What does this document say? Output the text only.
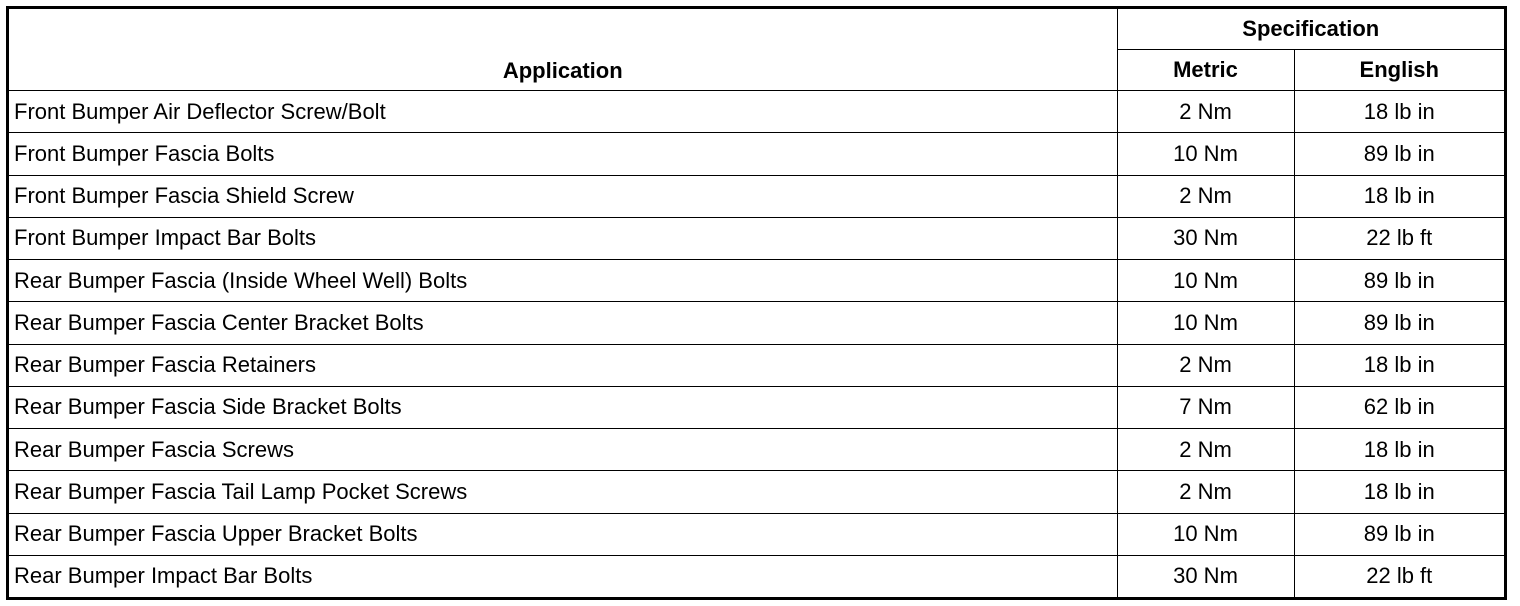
Application	Specification	
	Metric	English
Front Bumper Air Deflector Screw/Bolt	2 Nm	18 lb in
Front Bumper Fascia Bolts	10 Nm	89 lb in
Front Bumper Fascia Shield Screw	2 Nm	18 lb in
Front Bumper Impact Bar Bolts	30 Nm	22 lb ft
Rear Bumper Fascia (Inside Wheel Well) Bolts	10 Nm	89 lb in
Rear Bumper Fascia Center Bracket Bolts	10 Nm	89 lb in
Rear Bumper Fascia Retainers	2 Nm	18 lb in
Rear Bumper Fascia Side Bracket Bolts	7 Nm	62 lb in
Rear Bumper Fascia Screws	2 Nm	18 lb in
Rear Bumper Fascia Tail Lamp Pocket Screws	2 Nm	18 lb in
Rear Bumper Fascia Upper Bracket Bolts	10 Nm	89 lb in
Rear Bumper Impact Bar Bolts	30 Nm	22 lb ft
